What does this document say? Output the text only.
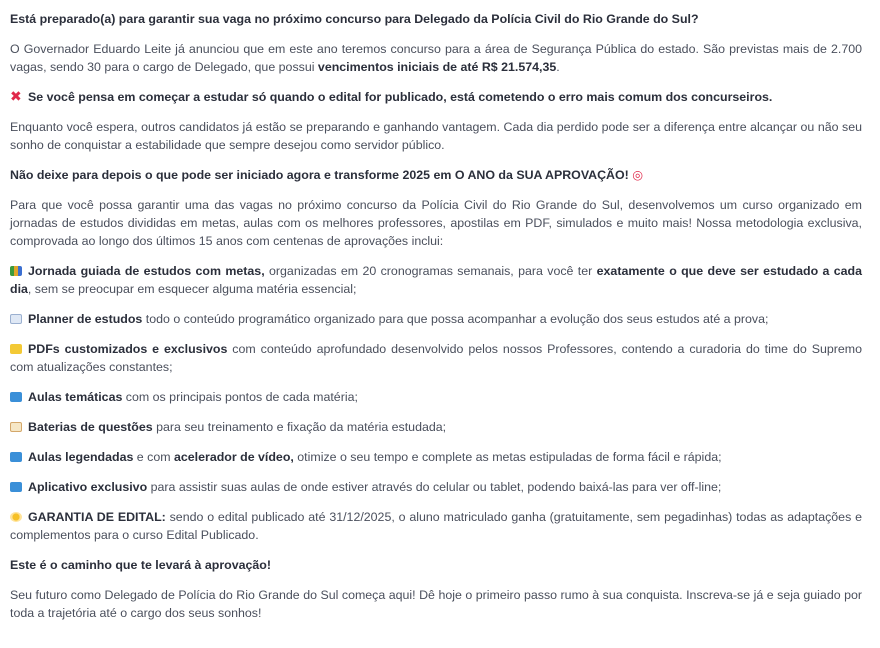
Está preparado(a) para garantir sua vaga no próximo concurso para Delegado da Polícia Civil do Rio Grande do Sul?

O Governador Eduardo Leite já anunciou que em este ano teremos concurso para a área de Segurança Pública do estado. São previstas mais de 2.700 vagas, sendo 30 para o cargo de Delegado, que possui vencimentos iniciais de até R$ 21.574,35.

✖ Se você pensa em começar a estudar só quando o edital for publicado, está cometendo o erro mais comum dos concurseiros.

Enquanto você espera, outros candidatos já estão se preparando e ganhando vantagem. Cada dia perdido pode ser a diferença entre alcançar ou não seu sonho de conquistar a estabilidade que sempre desejou como servidor público.

Não deixe para depois o que pode ser iniciado agora e transforme 2025 em O ANO da SUA APROVAÇÃO! ◎

Para que você possa garantir uma das vagas no próximo concurso da Polícia Civil do Rio Grande do Sul, desenvolvemos um curso organizado em jornadas de estudos divididas em metas, aulas com os melhores professores, apostilas em PDF, simulados e muito mais! Nossa metodologia exclusiva, comprovada ao longo dos últimos 15 anos com centenas de aprovações inclui:

Jornada guiada de estudos com metas, organizadas em 20 cronogramas semanais, para você ter exatamente o que deve ser estudado a cada dia, sem se preocupar em esquecer alguma matéria essencial;

Planner de estudos todo o conteúdo programático organizado para que possa acompanhar a evolução dos seus estudos até a prova;

PDFs customizados e exclusivos com conteúdo aprofundado desenvolvido pelos nossos Professores, contendo a curadoria do time do Supremo com atualizações constantes;

Aulas temáticas com os principais pontos de cada matéria;

Baterias de questões para seu treinamento e fixação da matéria estudada;

Aulas legendadas e com acelerador de vídeo, otimize o seu tempo e complete as metas estipuladas de forma fácil e rápida;

Aplicativo exclusivo para assistir suas aulas de onde estiver através do celular ou tablet, podendo baixá-las para ver off-line;

GARANTIA DE EDITAL: sendo o edital publicado até 31/12/2025, o aluno matriculado ganha (gratuitamente, sem pegadinhas) todas as adaptações e complementos para o curso Edital Publicado.

Este é o caminho que te levará à aprovação!

Seu futuro como Delegado de Polícia do Rio Grande do Sul começa aqui! Dê hoje o primeiro passo rumo à sua conquista. Inscreva-se já e seja guiado por toda a trajetória até o cargo dos seus sonhos!
